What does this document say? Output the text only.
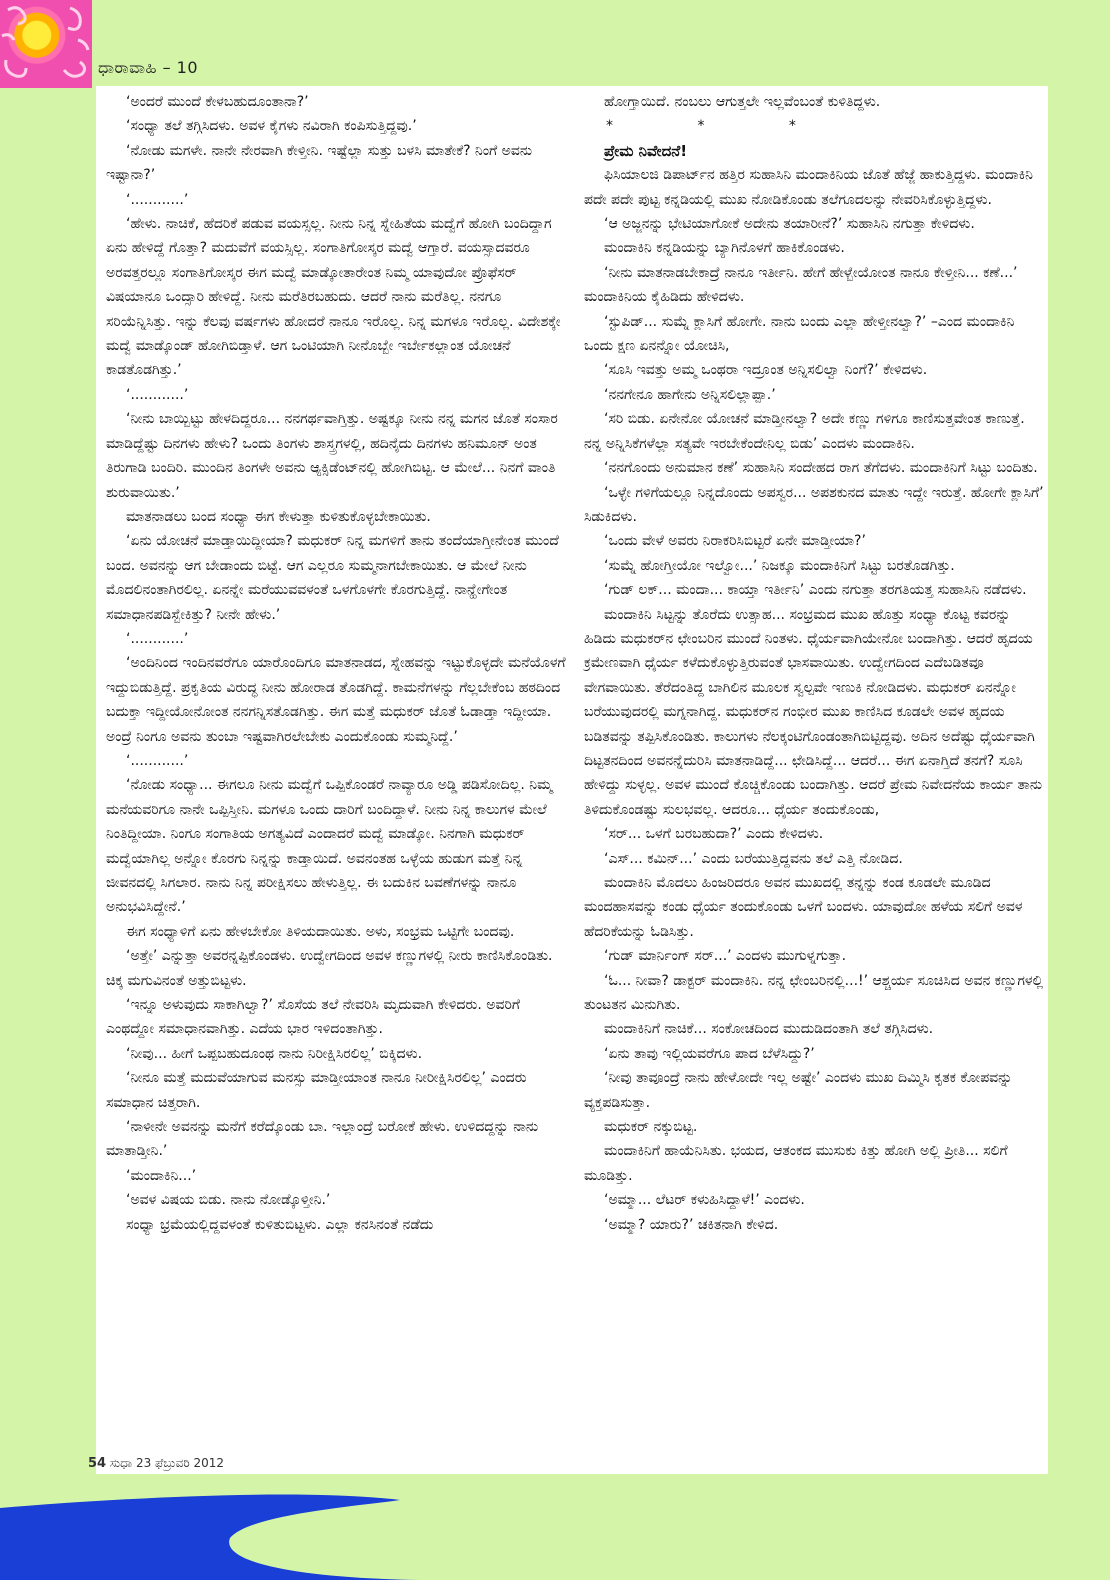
ಧಾರಾವಾಹಿ – 10

‘ಅಂದರೆ ಮುಂದೆ ಕೇಳಬಹುದೂಂತಾನಾ?’

‘ಸಂಧ್ಯಾ ತಲೆ ತಗ್ಗಿಸಿದಳು. ಅವಳ ಕೈಗಳು ನವಿರಾಗಿ ಕಂಪಿಸುತ್ತಿದ್ದವು.’

‘ನೋಡು ಮಗಳೇ. ನಾನೇ ನೇರವಾಗಿ ಕೇಳ್ತೀನಿ. ಇಷ್ಟೆಲ್ಲಾ ಸುತ್ತು ಬಳಸಿ ಮಾತೇಕೆ? ನಿಂಗೆ ಅವನು ಇಷ್ಟಾನಾ?’

‘............’

‘ಹೇಳು. ನಾಚಿಕೆ, ಹೆದರಿಕೆ ಪಡುವ ವಯಸ್ಸಲ್ಲ. ನೀನು ನಿನ್ನ ಸ್ನೇಹಿತೆಯ ಮದ್ವೆಗೆ ಹೋಗಿ ಬಂದಿದ್ದಾಗ ಏನು ಹೇಳಿದ್ದೆ ಗೊತ್ತಾ? ಮದುವೆಗೆ ವಯಸ್ಸಿಲ್ಲ. ಸಂಗಾತಿಗೋಸ್ಕರ ಮದ್ವೆ ಆಗ್ತಾರೆ. ವಯಸ್ಸಾದವರೂ ಅರವತ್ತರಲ್ಲೂ ಸಂಗಾತಿಗೋಸ್ಕರ ಈಗ ಮದ್ವೆ ಮಾಡ್ಕೋತಾರೇಂತ ನಿಮ್ಮ ಯಾವುದೋ ಪ್ರೊಫೆಸರ್ ವಿಷಯಾನೂ ಒಂದ್ಸಾರಿ ಹೇಳಿದ್ದೆ. ನೀನು ಮರೆತಿರಬಹುದು. ಆದರೆ ನಾನು ಮರೆತಿಲ್ಲ. ನನಗೂ ಸರಿಯೆನ್ನಿಸಿತ್ತು. ಇನ್ನು ಕೆಲವು ವರ್ಷಗಳು ಹೋದರೆ ನಾನೂ ಇರೊಲ್ಲ. ನಿನ್ನ ಮಗಳೂ ಇರೊಲ್ಲ. ವಿದೇಶಕ್ಕೇ ಮದ್ವೆ ಮಾಡ್ಕೊಂಡ್ ಹೋಗಿಬಿಡ್ತಾಳೆ. ಆಗ ಒಂಟಿಯಾಗಿ ನೀನೊಬ್ಬೇ ಇರ್ಬೇಕಲ್ಲಾಂತ ಯೋಚನೆ ಕಾಡತೊಡಗಿತ್ತು.’

‘............’

‘ನೀನು ಬಾಯ್ಬಿಟ್ಟು ಹೇಳದಿದ್ದರೂ... ನನಗರ್ಥವಾಗ್ತಿತ್ತು. ಅಷ್ಟಕ್ಕೂ ನೀನು ನನ್ನ ಮಗನ ಜೊತೆ ಸಂಸಾರ ಮಾಡಿದ್ದೆಷ್ಟು ದಿನಗಳು ಹೇಳು? ಒಂದು ತಿಂಗಳು ಶಾಸ್ತ್ರಗಳಲ್ಲಿ, ಹದಿನೈದು ದಿನಗಳು ಹನಿಮೂನ್ ಅಂತ ತಿರುಗಾಡಿ ಬಂದಿರಿ. ಮುಂದಿನ ತಿಂಗಳೇ ಅವನು ಆ್ಯಕ್ಸಿಡೆಂಟ್‌ನಲ್ಲಿ ಹೋಗಿಬಿಟ್ಟ. ಆ ಮೇಲೆ... ನಿನಗೆ ವಾಂತಿ ಶುರುವಾಯಿತು.’

ಮಾತನಾಡಲು ಬಂದ ಸಂಧ್ಯಾ ಈಗ ಕೇಳುತ್ತಾ ಕುಳಿತುಕೊಳ್ಳಬೇಕಾಯಿತು.

‘ಏನು ಯೋಚನೆ ಮಾಡ್ತಾಯಿದ್ದೀಯಾ? ಮಧುಕರ್ ನಿನ್ನ ಮಗಳಿಗೆ ತಾನು ತಂದೆಯಾಗ್ತೀನೇಂತ ಮುಂದೆ ಬಂದ. ಅವನನ್ನು ಆಗ ಬೇಡಾಂದು ಬಿಟ್ಟೆ. ಆಗ ಎಲ್ಲರೂ ಸುಮ್ಮನಾಗಬೇಕಾಯಿತು. ಆ ಮೇಲೆ ನೀನು ಮೊದಲಿನಂತಾಗಿರಲಿಲ್ಲ. ಏನನ್ನೇ ಮರೆಯುವವಳಂತೆ ಒಳಗೊಳಗೇ ಕೊರಗುತ್ತಿದ್ದೆ. ನಾನ್ಹೇಗೇಂತ ಸಮಾಧಾನಪಡಿಸ್ಬೇಕಿತ್ತು? ನೀನೇ ಹೇಳು.’

‘............’

‘ಅಂದಿನಿಂದ ಇಂದಿನವರೆಗೂ ಯಾರೊಂದಿಗೂ ಮಾತನಾಡದ, ಸ್ನೇಹವನ್ನು ಇಟ್ಟುಕೊಳ್ಳದೇ ಮನೆಯೊಳಗೆ ಇದ್ದುಬಿಡುತ್ತಿದ್ದೆ. ಪ್ರಕೃತಿಯ ವಿರುದ್ಧ ನೀನು ಹೋರಾಡ ತೊಡಗಿದ್ದೆ. ಕಾಮನೆಗಳನ್ನು ಗೆಲ್ಲಬೇಕೆಂಬ ಹಠದಿಂದ ಬದುಕ್ತಾ ಇದ್ದೀಯೋನೋಂತ ನನಗನ್ನಿಸತೊಡಗಿತ್ತು. ಈಗ ಮತ್ತೆ ಮಧುಕರ್ ಜೊತೆ ಓಡಾಡ್ತಾ ಇದ್ದೀಯಾ. ಅಂದ್ರೆ ನಿಂಗೂ ಅವನು ತುಂಬಾ ಇಷ್ಟವಾಗಿರಲೇಬೇಕು ಎಂದುಕೊಂಡು ಸುಮ್ಮನಿದ್ದೆ.’

‘............’

‘ನೋಡು ಸಂಧ್ಯಾ... ಈಗಲೂ ನೀನು ಮದ್ವೆಗೆ ಒಪ್ಪಿಕೊಂಡರೆ ನಾವ್ಯಾರೂ ಅಡ್ಡಿ ಪಡಿಸೋದಿಲ್ಲ. ನಿಮ್ಮ ಮನೆಯವರಿಗೂ ನಾನೇ ಒಪ್ಪಿಸ್ತೀನಿ. ಮಗಳೂ ಒಂದು ದಾರಿಗೆ ಬಂದಿದ್ದಾಳೆ. ನೀನು ನಿನ್ನ ಕಾಲುಗಳ ಮೇಲೆ ನಿಂತಿದ್ದೀಯಾ. ನಿಂಗೂ ಸಂಗಾತಿಯ ಅಗತ್ಯವಿದೆ ಎಂದಾದರೆ ಮದ್ವೆ ಮಾಡ್ಕೋ. ನಿನಗಾಗಿ ಮಧುಕರ್ ಮದ್ವೆಯಾಗಿಲ್ಲ ಅನ್ನೋ ಕೊರಗು ನಿನ್ನನ್ನು ಕಾಡ್ತಾಯಿದೆ. ಅವನಂತಹ ಒಳ್ಳೆಯ ಹುಡುಗ ಮತ್ತೆ ನಿನ್ನ ಜೀವನದಲ್ಲಿ ಸಿಗಲಾರ. ನಾನು ನಿನ್ನ ಪರೀಕ್ಷಿಸಲು ಹೇಳುತ್ತಿಲ್ಲ. ಈ ಬದುಕಿನ ಬವಣೆಗಳನ್ನು ನಾನೂ ಅನುಭವಿಸಿದ್ದೇನೆ.’

ಈಗ ಸಂಧ್ಯಾಳಿಗೆ ಏನು ಹೇಳಬೇಕೋ ತಿಳಿಯದಾಯಿತು. ಅಳು, ಸಂಭ್ರಮ ಒಟ್ಟಿಗೇ ಬಂದವು.

‘ಅತ್ತೇ’ ಎನ್ನುತ್ತಾ ಅವರನ್ನಪ್ಪಿಕೊಂಡಳು. ಉದ್ವೇಗದಿಂದ ಅವಳ ಕಣ್ಣುಗಳಲ್ಲಿ ನೀರು ಕಾಣಿಸಿಕೊಂಡಿತು. ಚಿಕ್ಕ ಮಗುವಿನಂತೆ ಅತ್ತುಬಿಟ್ಟಳು.

‘ಇನ್ನೂ ಅಳುವುದು ಸಾಕಾಗಿಲ್ವಾ?’ ಸೊಸೆಯ ತಲೆ ನೇವರಿಸಿ ಮೃದುವಾಗಿ ಕೇಳಿದರು. ಅವರಿಗೆ ಎಂಥದ್ದೋ ಸಮಾಧಾನವಾಗಿತ್ತು. ಎದೆಯ ಭಾರ ಇಳಿದಂತಾಗಿತ್ತು.

‘ನೀವು... ಹೀಗೆ ಒಪ್ಪಬಹುದೂಂಥ ನಾನು ನಿರೀಕ್ಷಿಸಿರಲಿಲ್ಲ’ ಬಿಕ್ಕಿದಳು.

‘ನೀನೂ ಮತ್ತೆ ಮದುವೆಯಾಗುವ ಮನಸ್ಸು ಮಾಡ್ತೀಯಾಂತ ನಾನೂ ನೀರೀಕ್ಷಿಸಿರಲಿಲ್ಲ’ ಎಂದರು ಸಮಾಧಾನ ಚಿತ್ತರಾಗಿ.

‘ನಾಳೀನೇ ಅವನನ್ನು ಮನೆಗೆ ಕರೆದ್ಕೊಂಡು ಬಾ. ಇಲ್ಲಾಂದ್ರೆ ಬರೋಕೆ ಹೇಳು. ಉಳಿದದ್ದನ್ನು ನಾನು ಮಾತಾಡ್ತೀನಿ.’

‘ಮಂದಾಕಿನಿ...’

‘ಅವಳ ವಿಷಯ ಬಿಡು. ನಾನು ನೋಡ್ಕೊಳ್ತೀನಿ.’

ಸಂಧ್ಯಾ ಭ್ರಮೆಯಲ್ಲಿದ್ದವಳಂತೆ ಕುಳಿತುಬಿಟ್ಟಳು. ಎಲ್ಲಾ ಕನಸಿನಂತೆ ನಡೆದು

ಹೋಗ್ತಾಯಿದೆ. ನಂಬಲು ಆಗುತ್ತಲೇ ಇಲ್ಲವೆಂಬಂತೆ ಕುಳಿತಿದ್ದಳು.

* * *

ಪ್ರೇಮ ನಿವೇದನೆ!

ಫಿಸಿಯಾಲಜಿ ಡಿಪಾರ್ಟ್‌ನ ಹತ್ತಿರ ಸುಹಾಸಿನಿ ಮಂದಾಕಿನಿಯ ಜೊತೆ ಹೆಜ್ಜೆ ಹಾಕುತ್ತಿದ್ದಳು. ಮಂದಾಕಿನಿ ಪದೇ ಪದೇ ಪುಟ್ಟ ಕನ್ನಡಿಯಲ್ಲಿ ಮುಖ ನೋಡಿಕೊಂಡು ತಲೆಗೂದಲನ್ನು ನೇವರಿಸಿಕೊಳ್ಳುತ್ತಿದ್ದಳು.

‘ಆ ಅಜ್ಜನನ್ನು ಭೇಟಿಯಾಗೋಕೆ ಅದೇನು ತಯಾರೀನೆ?’ ಸುಹಾಸಿನಿ ನಗುತ್ತಾ ಕೇಳಿದಳು.

ಮಂದಾಕಿನಿ ಕನ್ನಡಿಯನ್ನು ಬ್ಯಾಗಿನೊಳಗೆ ಹಾಕಿಕೊಂಡಳು.

‘ನೀನು ಮಾತನಾಡಬೇಕಾದ್ರೆ ನಾನೂ ಇರ್ತೀನಿ. ಹೇಗೆ ಹೇಳ್ಬೇಯೋಂತ ನಾನೂ ಕೇಳ್ತೀನಿ... ಕಣೆ...’ ಮಂದಾಕಿನಿಯ ಕೈಹಿಡಿದು ಹೇಳಿದಳು.

‘ಸ್ಟುಪಿಡ್... ಸುಮ್ನೆ ಕ್ಲಾಸಿಗೆ ಹೋಗೇ. ನಾನು ಬಂದು ಎಲ್ಲಾ ಹೇಳ್ತೀನಲ್ವಾ?’ –ಎಂದ ಮಂದಾಕಿನಿ ಒಂದು ಕ್ಷಣ ಏನನ್ನೋ ಯೋಚಿಸಿ,

‘ಸೂಸಿ ಇವತ್ತು ಅಮ್ಮ ಒಂಥರಾ ಇದ್ರೂಂತ ಅನ್ನಿಸಲಿಲ್ವಾ ನಿಂಗೆ?’ ಕೇಳಿದಳು.

‘ನನಗೇನೂ ಹಾಗೇನು ಅನ್ನಿಸಲಿಲ್ಲಾಪ್ಪಾ.’

‘ಸರಿ ಬಿಡು. ಏನೇನೋ ಯೋಚನೆ ಮಾಡ್ತೀನಲ್ವಾ? ಅದೇ ಕಣ್ಣು ಗಳಿಗೂ ಕಾಣಿಸುತ್ತವೇಂತ ಕಾಣುತ್ತೆ. ನನ್ನ ಅನ್ನಿಸಿಕೆಗಳೆಲ್ಲಾ ಸತ್ಯವೇ ಇರಬೇಕೆಂದೇನಿಲ್ಲ ಬಿಡು’ ಎಂದಳು ಮಂದಾಕಿನಿ.

‘ನನಗೊಂದು ಅನುಮಾನ ಕಣೆ’ ಸುಹಾಸಿನಿ ಸಂದೇಹದ ರಾಗ ತೆಗೆದಳು. ಮಂದಾಕಿನಿಗೆ ಸಿಟ್ಟು ಬಂದಿತು.

‘ಒಳ್ಳೇ ಗಳಿಗೆಯಲ್ಲೂ ನಿನ್ನದೊಂದು ಅಪಸ್ವರ... ಅಪಶಕುನದ ಮಾತು ಇದ್ದೇ ಇರುತ್ತೆ. ಹೋಗೇ ಕ್ಲಾಸಿಗೆ’ ಸಿಡುಕಿದಳು.

‘ಒಂದು ವೇಳೆ ಅವರು ನಿರಾಕರಿಸಿಬಿಟ್ಟರೆ ಏನೇ ಮಾಡ್ತೀಯಾ?’

‘ಸುಮ್ನೆ ಹೋಗ್ತೀಯೋ ಇಲ್ವೋ...’ ನಿಜಕ್ಕೂ ಮಂದಾಕಿನಿಗೆ ಸಿಟ್ಟು ಬರತೊಡಗಿತ್ತು.

‘ಗುಡ್ ಲಕ್... ಮಂದಾ... ಕಾಯ್ತಾ ಇರ್ತೀನಿ’ ಎಂದು ನಗುತ್ತಾ ತರಗತಿಯತ್ತ ಸುಹಾಸಿನಿ ನಡೆದಳು.

ಮಂದಾಕಿನಿ ಸಿಟ್ಟನ್ನು ತೊರೆದು ಉತ್ಸಾಹ... ಸಂಭ್ರಮದ ಮುಖ ಹೊತ್ತು ಸಂಧ್ಯಾ ಕೊಟ್ಟ ಕವರನ್ನು ಹಿಡಿದು ಮಧುಕರ್‌ನ ಛೇಂಬರಿನ ಮುಂದೆ ನಿಂತಳು. ಧೈರ್ಯವಾಗಿಯೇನೋ ಬಂದಾಗಿತ್ತು. ಆದರೆ ಹೃದಯ ಕ್ರಮೇಣವಾಗಿ ಧೈರ್ಯ ಕಳೆದುಕೊಳ್ಳುತ್ತಿರುವಂತೆ ಭಾಸವಾಯಿತು. ಉದ್ವೇಗದಿಂದ ಎದೆಬಡಿತವೂ ವೇಗವಾಯಿತು. ತೆರೆದಂತಿದ್ದ ಬಾಗಿಲಿನ ಮೂಲಕ ಸ್ವಲ್ಪವೇ ಇಣುಕಿ ನೋಡಿದಳು. ಮಧುಕರ್ ಏನನ್ನೋ ಬರೆಯುವುದರಲ್ಲಿ ಮಗ್ನನಾಗಿದ್ದ. ಮಧುಕರ್‌ನ ಗಂಭೀರ ಮುಖ ಕಾಣಿಸಿದ ಕೂಡಲೇ ಅವಳ ಹೃದಯ ಬಡಿತವನ್ನು ತಪ್ಪಿಸಿಕೊಂಡಿತು. ಕಾಲುಗಳು ನೆಲಕ್ಕಂಟಿಗೊಂಡಂತಾಗಿಬಿಟ್ಟಿದ್ದವು. ಅದಿನ ಅದೆಷ್ಟು ಧೈರ್ಯವಾಗಿ ದಿಟ್ಟತನದಿಂದ ಅವನನ್ನೆದುರಿಸಿ ಮಾತನಾಡಿದ್ದೆ... ಛೇಡಿಸಿದ್ದೆ... ಆದರೆ... ಈಗ ಏನಾಗ್ತಿದೆ ತನಗೆ? ಸೂಸಿ ಹೇಳಿದ್ದು ಸುಳ್ಳಲ್ಲ. ಅವಳ ಮುಂದೆ ಕೊಚ್ಚಿಕೊಂಡು ಬಂದಾಗಿತ್ತು. ಆದರೆ ಪ್ರೇಮ ನಿವೇದನೆಯ ಕಾರ್ಯ ತಾನು ತಿಳಿದುಕೊಂಡಷ್ಟು ಸುಲಭವಲ್ಲ. ಆದರೂ... ಧೈರ್ಯ ತಂದುಕೊಂಡು,

‘ಸರ್... ಒಳಗೆ ಬರಬಹುದಾ?’ ಎಂದು ಕೇಳಿದಳು.

‘ಎಸ್... ಕಮಿನ್...’ ಎಂದು ಬರೆಯುತ್ತಿದ್ದವನು ತಲೆ ಎತ್ತಿ ನೋಡಿದ.

ಮಂದಾಕಿನಿ ಮೊದಲು ಹಿಂಜರಿದರೂ ಅವನ ಮುಖದಲ್ಲಿ ತನ್ನನ್ನು ಕಂಡ ಕೂಡಲೇ ಮೂಡಿದ ಮಂದಹಾಸವನ್ನು ಕಂಡು ಧೈರ್ಯ ತಂದುಕೊಂಡು ಒಳಗೆ ಬಂದಳು. ಯಾವುದೋ ಹಳೆಯ ಸಲಿಗೆ ಅವಳ ಹೆದರಿಕೆಯನ್ನು ಓಡಿಸಿತ್ತು.

‘ಗುಡ್ ಮಾರ್ನಿಂಗ್ ಸರ್...’ ಎಂದಳು ಮುಗುಳ್ನಗುತ್ತಾ.

‘ಓ... ನೀವಾ? ಡಾಕ್ಟರ್ ಮಂದಾಕಿನಿ. ನನ್ನ ಛೇಂಬರಿನಲ್ಲಿ...!’ ಆಶ್ಚರ್ಯ ಸೂಚಿಸಿದ ಅವನ ಕಣ್ಣುಗಳಲ್ಲಿ ತುಂಟತನ ಮಿನುಗಿತು.

ಮಂದಾಕಿನಿಗೆ ನಾಚಿಕೆ... ಸಂಕೋಚದಿಂದ ಮುದುಡಿದಂತಾಗಿ ತಲೆ ತಗ್ಗಿಸಿದಳು.

‘ಏನು ತಾವು ಇಲ್ಲಿಯವರೆಗೂ ಪಾದ ಬೆಳೆಸಿದ್ದು?’

‘ನೀವು ತಾವೂಂದ್ರೆ ನಾನು ಹೇಳೋದೇ ಇಲ್ಲ ಅಷ್ಟೇ’ ಎಂದಳು ಮುಖ ದಿಮ್ಮಿಸಿ ಕೃತಕ ಕೋಪವನ್ನು ವ್ಯಕ್ತಪಡಿಸುತ್ತಾ.

ಮಧುಕರ್ ನಕ್ಕುಬಿಟ್ಟ.

ಮಂದಾಕಿನಿಗೆ ಹಾಯೆನಿಸಿತು. ಭಯದ, ಆತಂಕದ ಮುಸುಕು ಕಿತ್ತು ಹೋಗಿ ಅಲ್ಲಿ ಪ್ರೀತಿ... ಸಲಿಗೆ ಮೂಡಿತ್ತು.

‘ಅಮ್ಮಾ... ಲೆಟರ್ ಕಳುಹಿಸಿದ್ದಾಳೆ!’ ಎಂದಳು.

‘ಅಮ್ಮಾ? ಯಾರು?’ ಚಕಿತನಾಗಿ ಕೇಳಿದ.

54 ಸುಧಾ 23 ಫೆಬ್ರುವರಿ 2012
